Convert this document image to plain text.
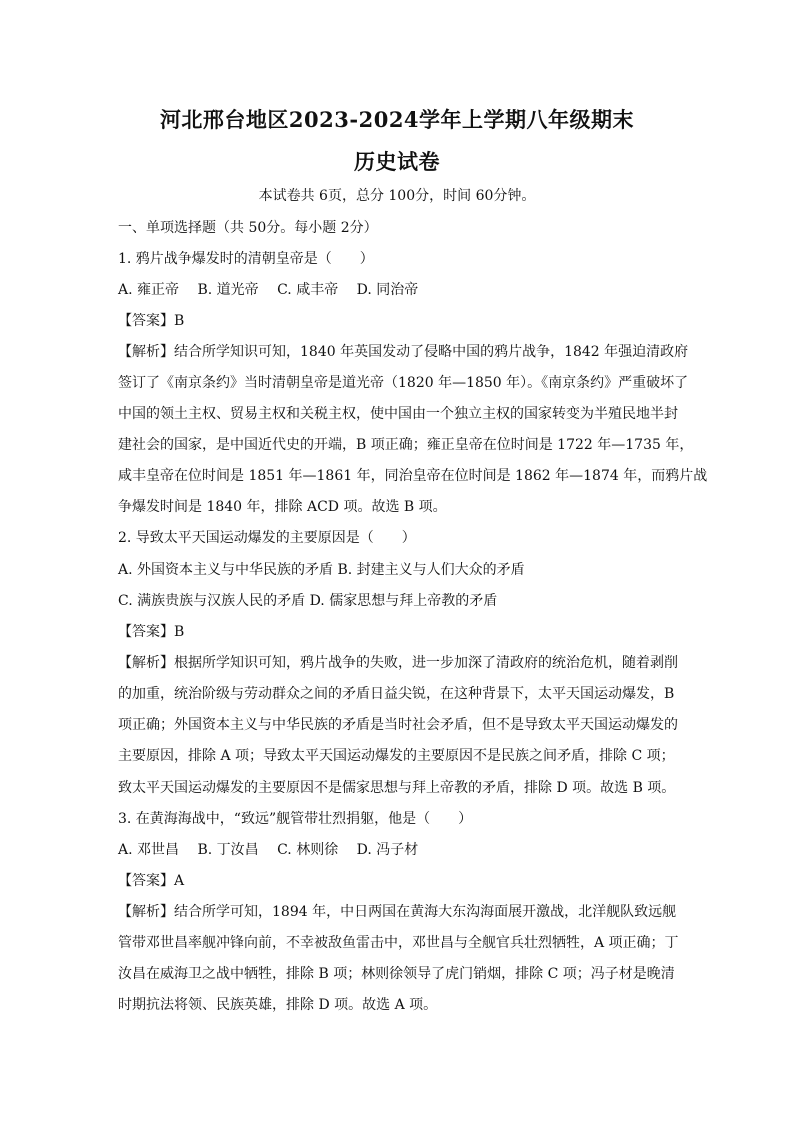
河北邢台地区2023-2024学年上学期八年级期末
历史试卷
本试卷共 6页，总分 100分，时间 60分钟。
一、单项选择题（共 50分。每小题 2分）
1. 鸦片战争爆发时的清朝皇帝是（　　）
A. 雍正帝　 B. 道光帝　 C. 咸丰帝　 D. 同治帝
【答案】B
【解析】结合所学知识可知，1840 年英国发动了侵略中国的鸦片战争，1842 年强迫清政府
签订了《南京条约》当时清朝皇帝是道光帝（1820 年—1850 年）。《南京条约》严重破坏了
中国的领土主权、贸易主权和关税主权，使中国由一个独立主权的国家转变为半殖民地半封
建社会的国家，是中国近代史的开端，B 项正确；雍正皇帝在位时间是 1722 年—1735 年，
咸丰皇帝在位时间是 1851 年—1861 年，同治皇帝在位时间是 1862 年—1874 年，而鸦片战
争爆发时间是 1840 年，排除 ACD 项。故选 B 项。
2. 导致太平天国运动爆发的主要原因是（　　）
A. 外国资本主义与中华民族的矛盾 B. 封建主义与人们大众的矛盾
C. 满族贵族与汉族人民的矛盾 D. 儒家思想与拜上帝教的矛盾
【答案】B
【解析】根据所学知识可知，鸦片战争的失败，进一步加深了清政府的统治危机，随着剥削
的加重，统治阶级与劳动群众之间的矛盾日益尖锐，在这种背景下，太平天国运动爆发，B
项正确；外国资本主义与中华民族的矛盾是当时社会矛盾，但不是导致太平天国运动爆发的
主要原因，排除 A 项；导致太平天国运动爆发的主要原因不是民族之间矛盾，排除 C 项；
致太平天国运动爆发的主要原因不是儒家思想与拜上帝教的矛盾，排除 D 项。故选 B 项。
3. 在黄海海战中，“致远”舰管带壮烈捐躯，他是（　　）
A. 邓世昌　 B. 丁汝昌　 C. 林则徐　 D. 冯子材
【答案】A
【解析】结合所学可知，1894 年，中日两国在黄海大东沟海面展开激战，北洋舰队致远舰
管带邓世昌率舰冲锋向前，不幸被敌鱼雷击中，邓世昌与全舰官兵壮烈牺牲，A 项正确；丁
汝昌在威海卫之战中牺牲，排除 B 项；林则徐领导了虎门销烟，排除 C 项；冯子材是晚清
时期抗法将领、民族英雄，排除 D 项。故选 A 项。
